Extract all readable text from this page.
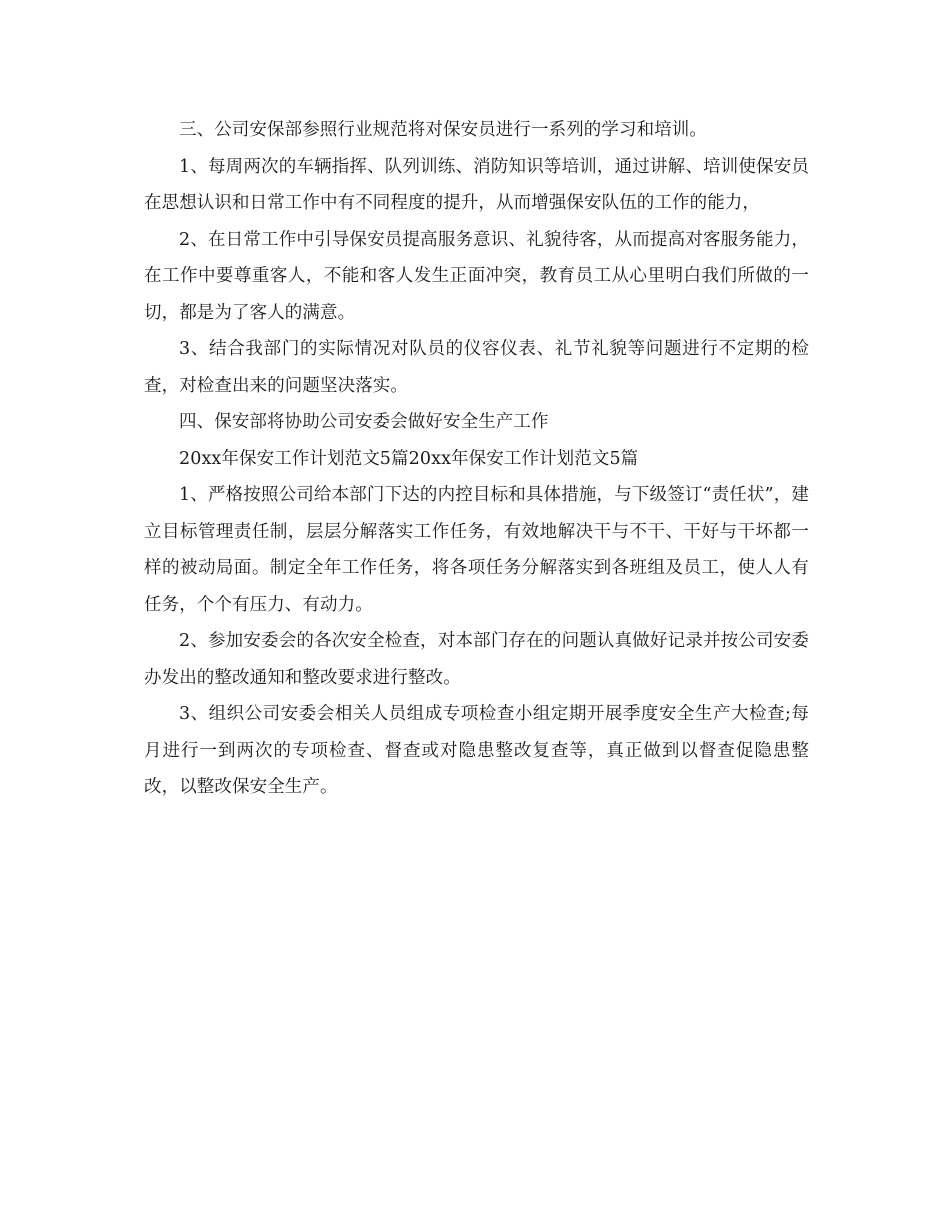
三、公司安保部参照行业规范将对保安员进行一系列的学习和培训。

1、每周两次的车辆指挥、队列训练、消防知识等培训，通过讲解、培训使保安员在思想认识和日常工作中有不同程度的提升，从而增强保安队伍的工作的能力，

2、在日常工作中引导保安员提高服务意识、礼貌待客，从而提高对客服务能力，在工作中要尊重客人，不能和客人发生正面冲突，教育员工从心里明白我们所做的一切，都是为了客人的满意。

3、结合我部门的实际情况对队员的仪容仪表、礼节礼貌等问题进行不定期的检查，对检查出来的问题坚决落实。

四、保安部将协助公司安委会做好安全生产工作

20xx年保安工作计划范文5篇20xx年保安工作计划范文5篇

1、严格按照公司给本部门下达的内控目标和具体措施，与下级签订“责任状”，建立目标管理责任制，层层分解落实工作任务，有效地解决干与不干、干好与干坏都一样的被动局面。制定全年工作任务，将各项任务分解落实到各班组及员工，使人人有任务，个个有压力、有动力。

2、参加安委会的各次安全检查，对本部门存在的问题认真做好记录并按公司安委办发出的整改通知和整改要求进行整改。

3、组织公司安委会相关人员组成专项检查小组定期开展季度安全生产大检查;每月进行一到两次的专项检查、督查或对隐患整改复查等，真正做到以督查促隐患整改，以整改保安全生产。
